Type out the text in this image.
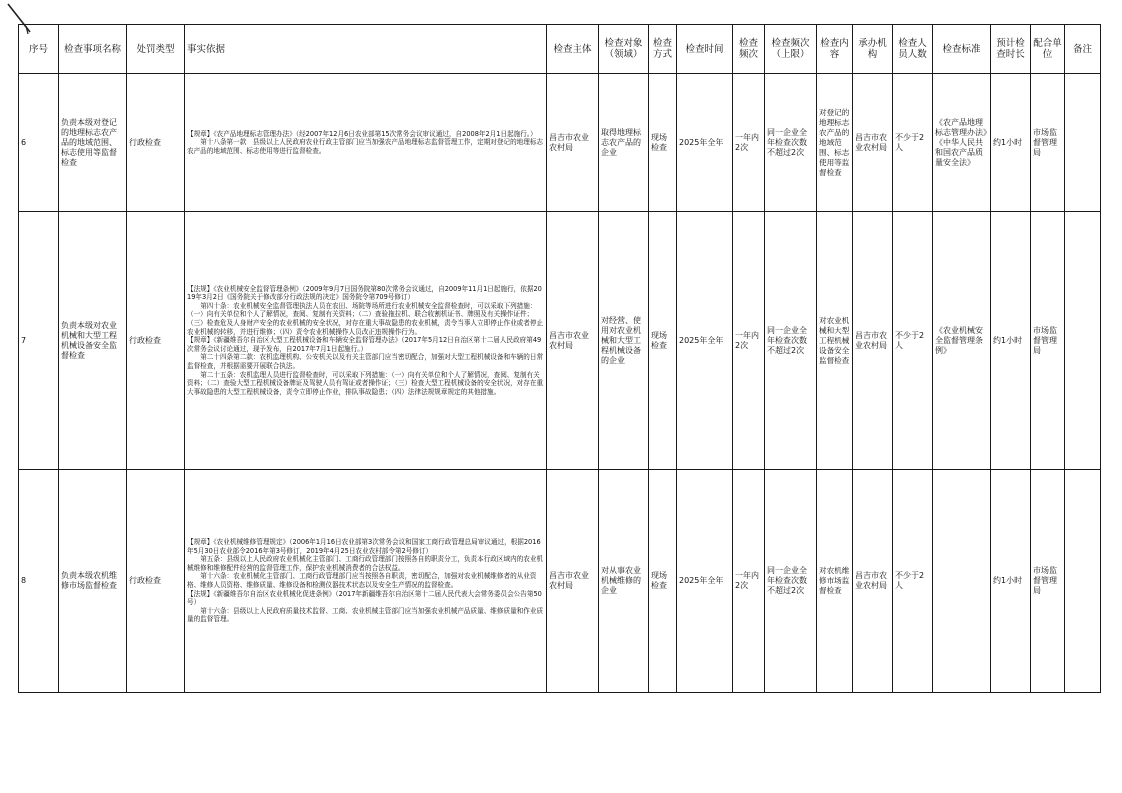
序号	检查事项名称	处罚类型	事实依据	检查主体	检查对象（领域）	检查方式	检查时间	检查频次	检查频次（上限）	检查内容	承办机构	检查人员人数	检查标准	预计检查时长	配合单位	备注
6	负责本级对登记的地理标志农产品的地域范围、标志使用等监督检查	行政检查	【规章】《农产品地理标志管理办法》（经2007年12月6日农业部第15次常务会议审议通过，自2008年2月1日起施行。）

第十八条第一款　县级以上人民政府农业行政主管部门应当加强农产品地理标志监督管理工作，定期对登记的地理标志农产品的地域范围、标志使用等进行监督检查。	昌吉市农业农村局	取得地理标志农产品的企业	现场检查	2025年全年	一年内2次	同一企业全年检查次数不超过2次	对登记的地理标志农产品的地域范围、标志使用等监督检查	昌吉市农业农村局	不少于2人	《农产品地理标志管理办法》《中华人民共和国农产品质量安全法》	约1小时	市场监督管理局	
7	负责本级对农业机械和大型工程机械设备安全监督检查	行政检查	【法规】《农业机械安全监督管理条例》（2009年9月7日国务院第80次常务会议通过，自2009年11月1日起施行，依据2019年3月2日《国务院关于修改部分行政法规的决定》国务院令第709号修订）

第四十条：农业机械安全监督管理执法人员在农田、场院等场所进行农业机械安全监督检查时，可以采取下列措施：（一）向有关单位和个人了解情况，查阅、复制有关资料；（二）查验拖拉机、联合收割机证书、牌照及有关操作证件；（三）检查危及人身财产安全的农业机械的安全状况，对存在重大事故隐患的农业机械，责令当事人立即停止作业或者停止农业机械的转移，并进行维修；（四）责令农业机械操作人员改正违规操作行为。

【规章】《新疆维吾尔自治区大型工程机械设备和车辆安全监督管理办法》（2017年5月12日自治区第十二届人民政府第49次常务会议讨论通过，现予发布，自2017年7月1日起施行。）

第二十四条第二款：农机监理机构、公安机关以及有关主管部门应当密切配合，加强对大型工程机械设备和车辆的日常监督检查，并根据需要开展联合执法。

第二十五条：农机监理人员进行监督检查时，可以采取下列措施：（一）向有关单位和个人了解情况，查阅、复制有关资料；（二）查验大型工程机械设备牌证及驾驶人员有驾证或者操作证；（三）检查大型工程机械设备的安全状况，对存在重大事故隐患的大型工程机械设备，责令立即停止作业，排队事故隐患；（四）法律法规规章规定的其他措施。	昌吉市农业农村局	对经营、使用对农业机械和大型工程机械设备的企业	现场检查	2025年全年	一年内2次	同一企业全年检查次数不超过2次	对农业机械和大型工程机械设备安全监督检查	昌吉市农业农村局	不少于2人	《农业机械安全监督管理条例》	约1小时	市场监督管理局	
8	负责本级农机维修市场监督检查	行政检查	【规章】《农业机械维修管理规定》（2006年1月16日农业部第3次常务会议和国家工商行政管理总局审议通过，根据2016年5月30日农业部令2016年第3号修订，2019年4月25日农业农村部令第2号修订）

第五条：县级以上人民政府农业机械化主管部门、工商行政管理部门按照各自的职责分工，负责本行政区域内的农业机械维修和维修配件经营的监督管理工作，保护农业机械消费者的合法权益。

第十六条：农业机械化主管部门、工商行政管理部门应当按照各自职责，密切配合，加强对农业机械维修者的从业资格、维修人员资格、维修质量、维修设备和检测仪器技术状态以及安全生产情况的监督检查。

【法规】《新疆维吾尔自治区农业机械化促进条例》（2017年新疆维吾尔自治区第十二届人民代表大会常务委员会公告第50号）

第十六条：县级以上人民政府质量技术监督、工商、农业机械主管部门应当加强农业机械产品质量、维修质量和作业质量的监督管理。	昌吉市农业农村局	对从事农业机械维修的企业	现场检查	2025年全年	一年内2次	同一企业全年检查次数不超过2次	对农机维修市场监督检查	昌吉市农业农村局	不少于2人		约1小时	市场监督管理局	
